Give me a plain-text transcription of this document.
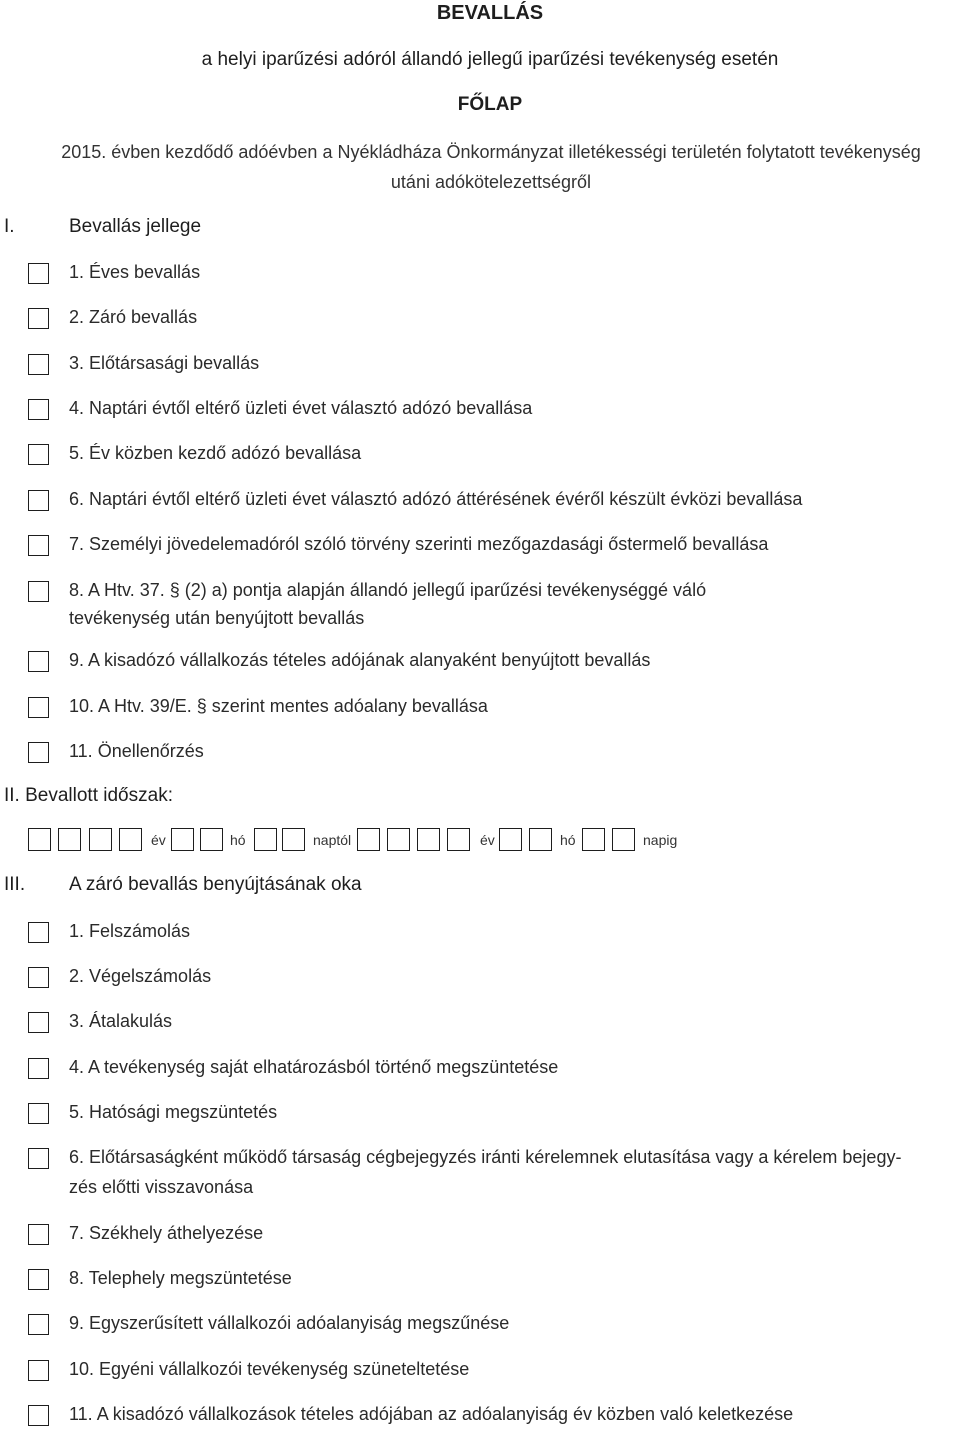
BEVALLÁS
a helyi iparűzési adóról állandó jellegű iparűzési tevékenység esetén
FŐLAP
2015. évben kezdődő adóévben a Nyékládháza Önkormányzat illetékességi területén folytatott tevékenység
utáni adókötelezettségről
I.	Bevallás jellege
1. Éves bevallás
2. Záró bevallás
3. Előtársasági bevallás
4. Naptári évtől eltérő üzleti évet választó adózó bevallása
5. Év közben kezdő adózó bevallása
6. Naptári évtől eltérő üzleti évet választó adózó áttérésének évéről készült évközi bevallása
7. Személyi jövedelemadóról szóló törvény szerinti mezőgazdasági őstermelő bevallása
8. A Htv. 37. § (2) a) pontja alapján állandó jellegű iparűzési tevékenységgé váló
tevékenység után benyújtott bevallás
9. A kisadózó vállalkozás tételes adójának alanyaként benyújtott bevallás
10. A Htv. 39/E. § szerint mentes adóalany bevallása
11. Önellenőrzés
II. Bevallott időszak:
év	hó	naptól	év	hó	napig
III. A záró bevallás benyújtásának oka
1. Felszámolás
2. Végelszámolás
3. Átalakulás
4. A tevékenység saját elhatározásból történő megszüntetése
5. Hatósági megszüntetés
6. Előtársaságként működő társaság cégbejegyzés iránti kérelemnek elutasítása vagy a kérelem bejegy-
zés előtti visszavonása
7. Székhely áthelyezése
8. Telephely megszüntetése
9. Egyszerűsített vállalkozói adóalanyiság megszűnése
10. Egyéni vállalkozói tevékenység szüneteltetése
11. A kisadózó vállalkozások tételes adójában az adóalanyiság év közben való keletkezése
